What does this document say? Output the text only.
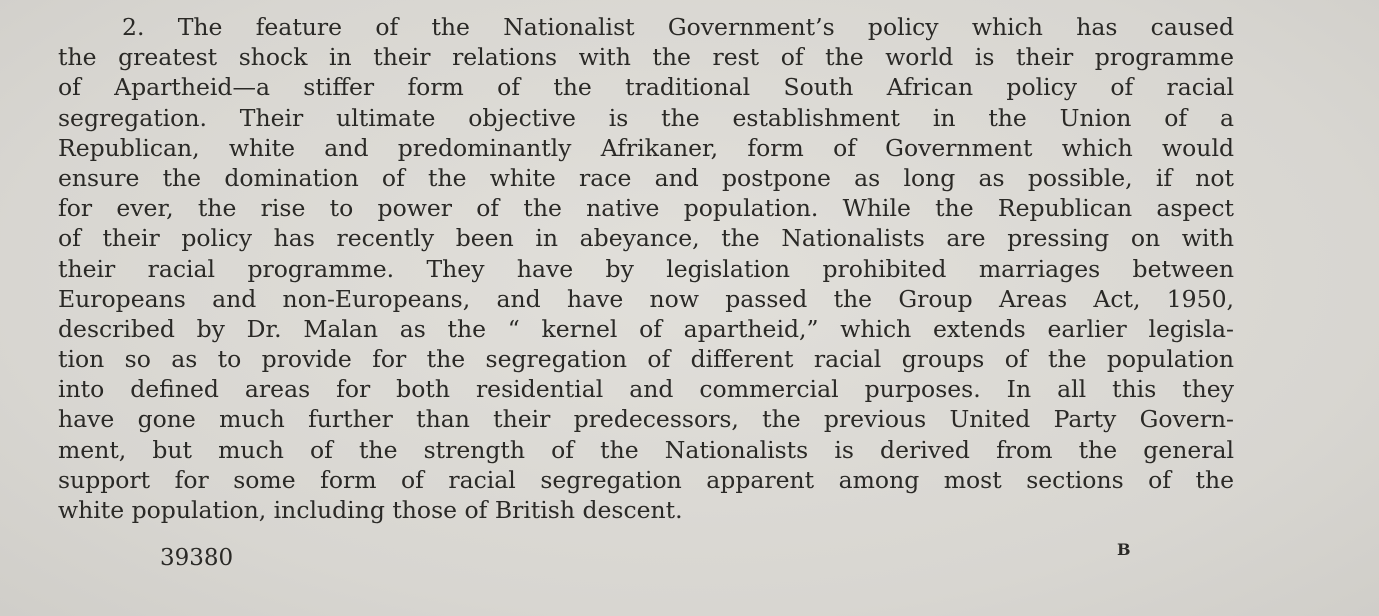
2. The feature of the Nationalist Government’s policy which has caused
the greatest shock in their relations with the rest of the world is their programme
of Apartheid—a stiffer form of the traditional South African policy of racial
segregation. Their ultimate objective is the establishment in the Union of a
Republican, white and predominantly Afrikaner, form of Government which would
ensure the domination of the white race and postpone as long as possible, if not
for ever, the rise to power of the native population. While the Republican aspect
of their policy has recently been in abeyance, the Nationalists are pressing on with
their racial programme. They have by legislation prohibited marriages between
Europeans and non-Europeans, and have now passed the Group Areas Act, 1950,
described by Dr. Malan as the “ kernel of apartheid,” which extends earlier legisla-
tion so as to provide for the segregation of different racial groups of the population
into defined areas for both residential and commercial purposes. In all this they
have gone much further than their predecessors, the previous United Party Govern-
ment, but much of the strength of the Nationalists is derived from the general
support for some form of racial segregation apparent among most sections of the
white population, including those of British descent.
39380	B
